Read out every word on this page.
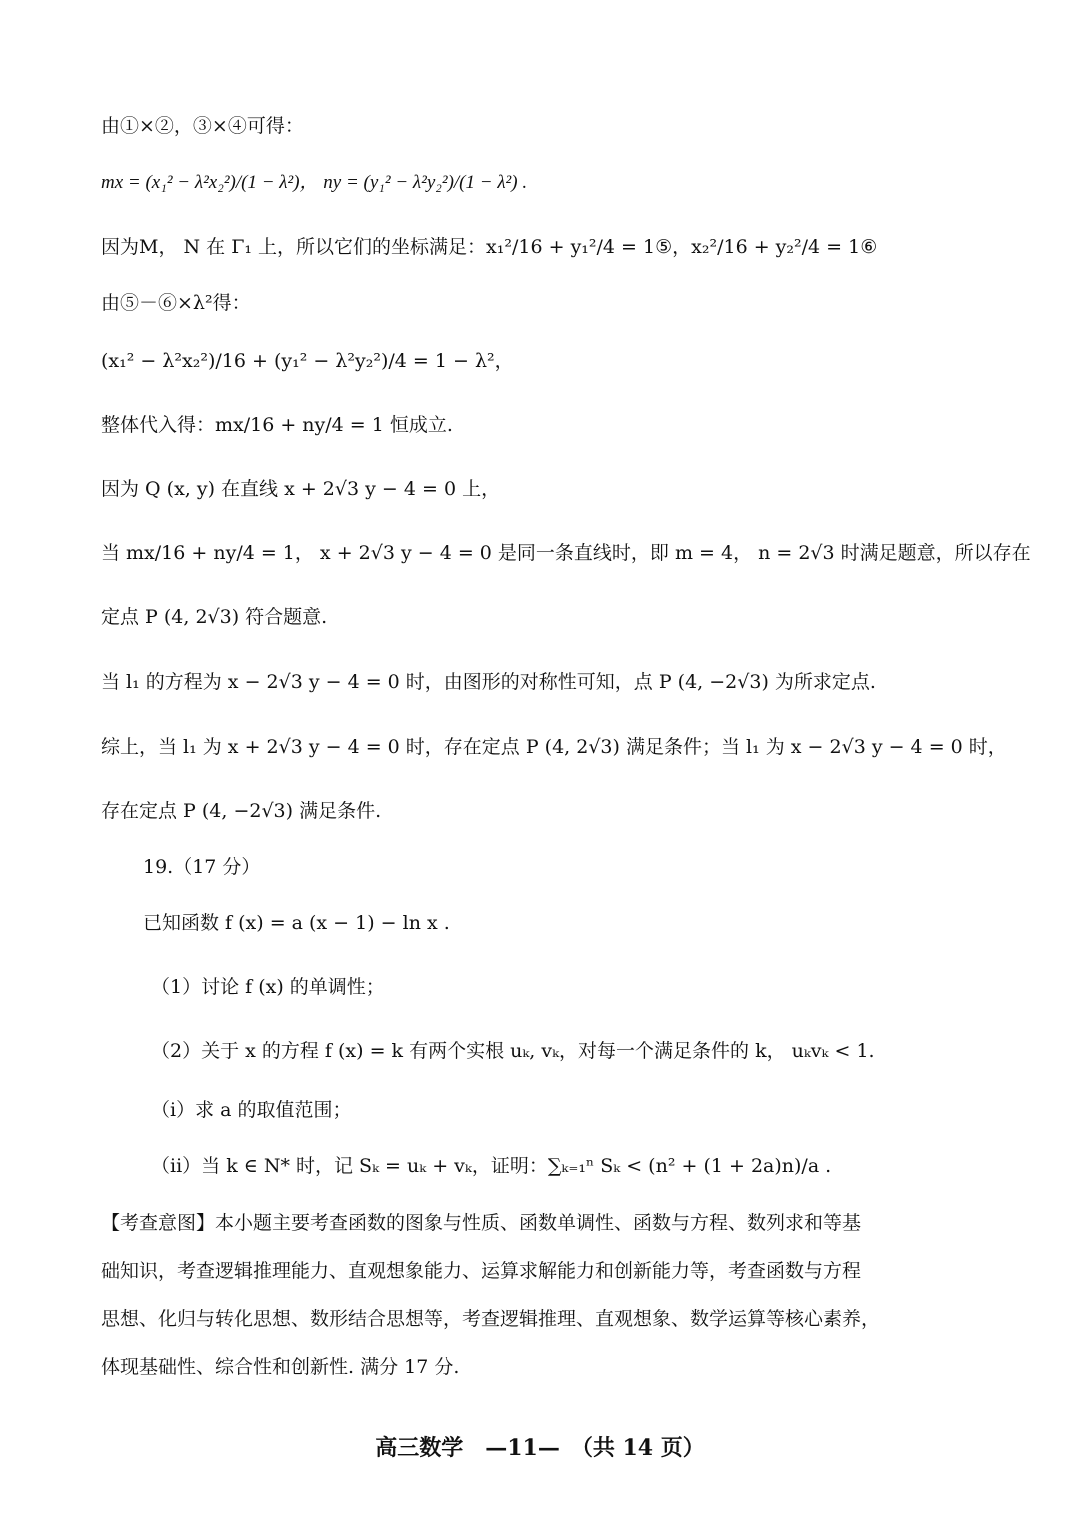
由①×②，③×④可得：
mx = (x₁² − λ²x₂²)/(1 − λ²)， ny = (y₁² − λ²y₂²)/(1 − λ²) .
因为M， N 在 Γ₁ 上，所以它们的坐标满足：x₁²/16 + y₁²/4 = 1⑤，x₂²/16 + y₂²/4 = 1⑥
由⑤－⑥×λ²得：
(x₁² − λ²x₂²)/16 + (y₁² − λ²y₂²)/4 = 1 − λ²，
整体代入得：mx/16 + ny/4 = 1 恒成立.
因为 Q (x, y) 在直线 x + 2√3 y − 4 = 0 上，
当 mx/16 + ny/4 = 1， x + 2√3 y − 4 = 0 是同一条直线时，即 m = 4， n = 2√3 时满足题意，所以存在
定点 P (4, 2√3) 符合题意.
当 l₁ 的方程为 x − 2√3 y − 4 = 0 时，由图形的对称性可知，点 P (4, −2√3) 为所求定点.
综上，当 l₁ 为 x + 2√3 y − 4 = 0 时，存在定点 P (4, 2√3) 满足条件；当 l₁ 为 x − 2√3 y − 4 = 0 时，
存在定点 P (4, −2√3) 满足条件.
19.（17 分）
已知函数 f (x) = a (x − 1) − ln x .
（1）讨论 f (x) 的单调性；
（2）关于 x 的方程 f (x) = k 有两个实根 uₖ, vₖ，对每一个满足条件的 k， uₖvₖ < 1.
（i）求 a 的取值范围；
（ii）当 k ∈ N* 时，记 Sₖ = uₖ + vₖ，证明：∑ₖ₌₁ⁿ Sₖ < (n² + (1 + 2a)n)/a .
【考查意图】本小题主要考查函数的图象与性质、函数单调性、函数与方程、数列求和等基
础知识，考查逻辑推理能力、直观想象能力、运算求解能力和创新能力等，考查函数与方程
思想、化归与转化思想、数形结合思想等，考查逻辑推理、直观想象、数学运算等核心素养，
体现基础性、综合性和创新性. 满分 17 分.
高三数学　—11—　（共 14 页）
